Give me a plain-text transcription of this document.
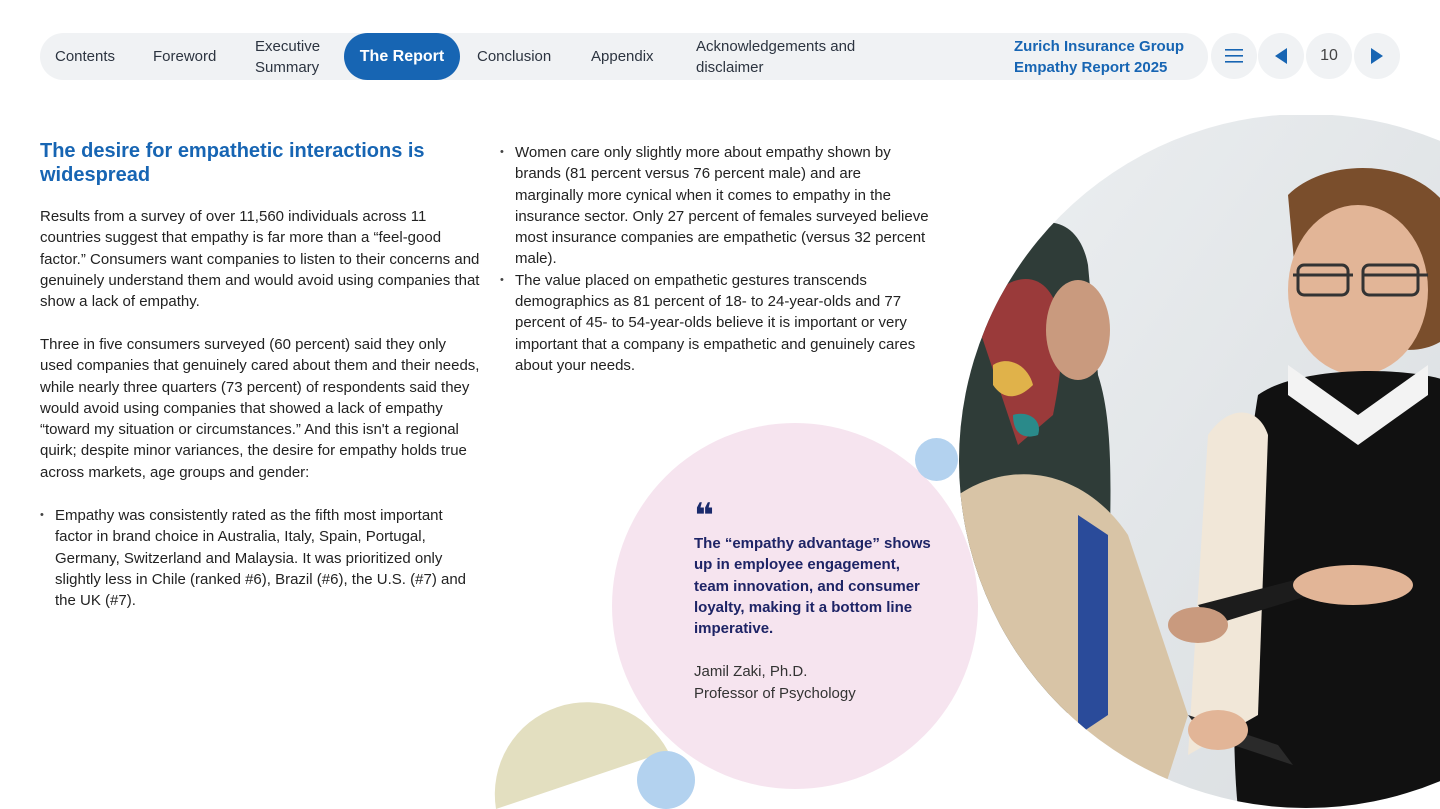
Contents	Foreword
Executive Summary
The Report	Conclusion	Appendix
Acknowledgements and disclaimer
Zurich Insurance Group
Empathy Report 2025
10
The desire for empathetic interactions is widespread

Results from a survey of over 11,560 individuals across 11 countries suggest that empathy is far more than a “feel-good factor.” Consumers want companies to listen to their concerns and genuinely understand them and would avoid using companies that show a lack of empathy.

Three in five consumers surveyed (60 percent) said they only used companies that genuinely cared about them and their needs, while nearly three quarters (73 percent) of respondents said they would avoid using companies that showed a lack of empathy “toward my situation or circumstances.” And this isn't a regional quirk; despite minor variances, the desire for empathy holds true across markets, age groups and gender:

• Empathy was consistently rated as the fifth most important factor in brand choice in Australia, Italy, Spain, Portugal, Germany, Switzerland and Malaysia. It was prioritized only slightly less in Chile (ranked #6), Brazil (#6), the U.S. (#7) and the UK (#7).
• Women care only slightly more about empathy shown by brands (81 percent versus 76 percent male) and are marginally more cynical when it comes to empathy in the insurance sector. Only 27 percent of females surveyed believe most insurance companies are empathetic (versus 32 percent male).
• The value placed on empathetic gestures transcends demographics as 81 percent of 18- to 24-year-olds and 77 percent of 45- to 54-year-olds believe it is important or very important that a company is empathetic and genuinely cares about your needs.
❝

The “empathy advantage” shows up in employee engagement, team innovation, and consumer loyalty, making it a bottom line imperative.

Jamil Zaki, Ph.D.
Professor of Psychology
